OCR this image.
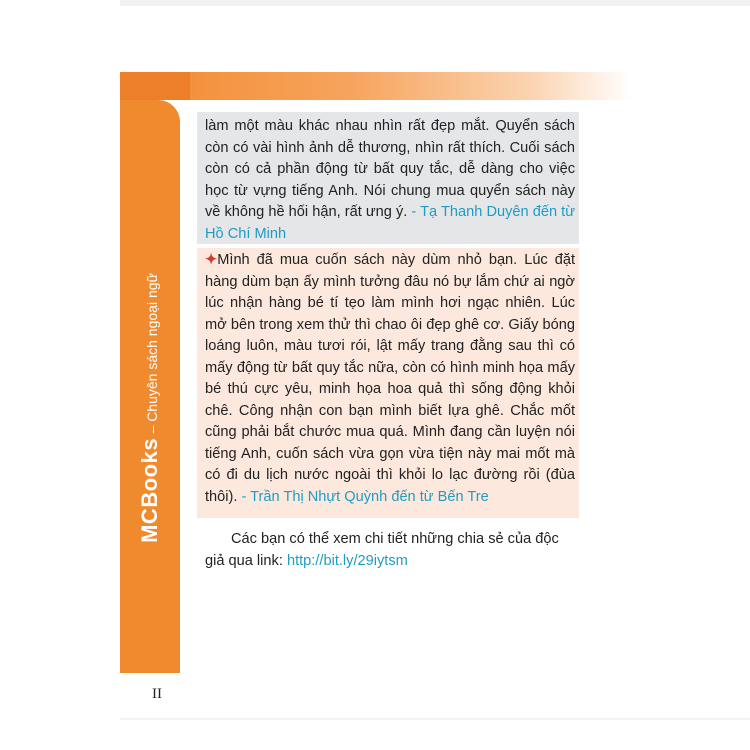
MCBooks – Chuyên sách ngoại ngữ
làm một màu khác nhau nhìn rất đẹp mắt. Quyển sách còn có vài hình ảnh dễ thương, nhìn rất thích. Cuối sách còn có cả phần động từ bất quy tắc, dễ dàng cho việc học từ vựng tiếng Anh. Nói chung mua quyển sách này về không hề hối hận, rất ưng ý. - Tạ Thanh Duyên đến từ Hồ Chí Minh
✦Mình đã mua cuốn sách này dùm nhỏ bạn. Lúc đặt hàng dùm bạn ấy mình tưởng đâu nó bự lắm chứ ai ngờ lúc nhận hàng bé tí tẹo làm mình hơi ngạc nhiên. Lúc mở bên trong xem thử thì chao ôi đẹp ghê cơ. Giấy bóng loáng luôn, màu tươi rói, lật mấy trang đằng sau thì có mấy động từ bất quy tắc nữa, còn có hình minh họa mấy bé thú cực yêu, minh họa hoa quả thì sống động khỏi chê. Công nhận con bạn mình biết lựa ghê. Chắc mốt cũng phải bắt chước mua quá. Mình đang cần luyện nói tiếng Anh, cuốn sách vừa gọn vừa tiện này mai mốt mà có đi du lịch nước ngoài thì khỏi lo lạc đường rồi (đùa thôi). - Trần Thị Nhựt Quỳnh đến từ Bến Tre
Các bạn có thể xem chi tiết những chia sẻ của độc giả qua link: http://bit.ly/29iytsm
II
